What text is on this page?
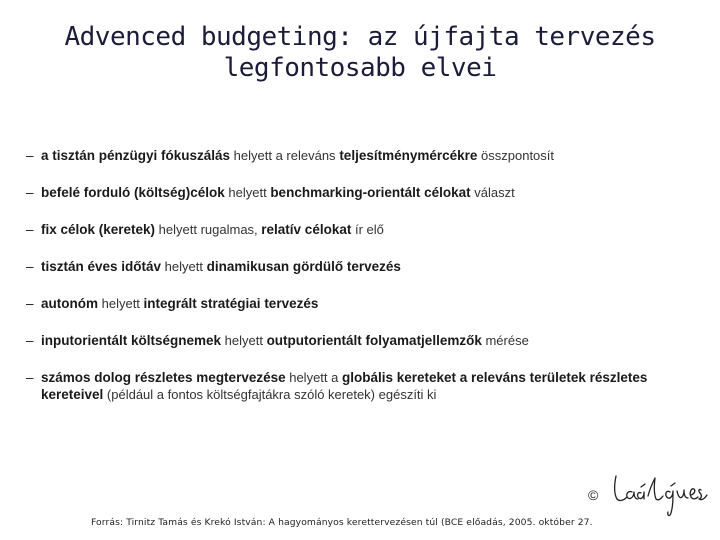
Advenced budgeting: az újfajta tervezés
legfontosabb elvei
– a tisztán pénzügyi fókuszálás helyett a releváns teljesítménymércékre összpontosít
– befelé forduló (költség)célok helyett benchmarking-orientált célokat választ
– fix célok (keretek) helyett rugalmas, relatív célokat ír elő
– tisztán éves időtáv helyett dinamikusan gördülő tervezés
– autonóm helyett integrált stratégiai tervezés
– inputorientált költségnemek helyett outputorientált folyamatjellemzők mérése
– számos dolog részletes megtervezése helyett a globális kereteket a releváns területek részletes kereteivel (például a fontos költségfajtákra szóló keretek) egészíti ki
©
Forrás: Tirnitz Tamás és Krekó István: A hagyományos kerettervezésen túl (BCE előadás, 2005. október 27.
